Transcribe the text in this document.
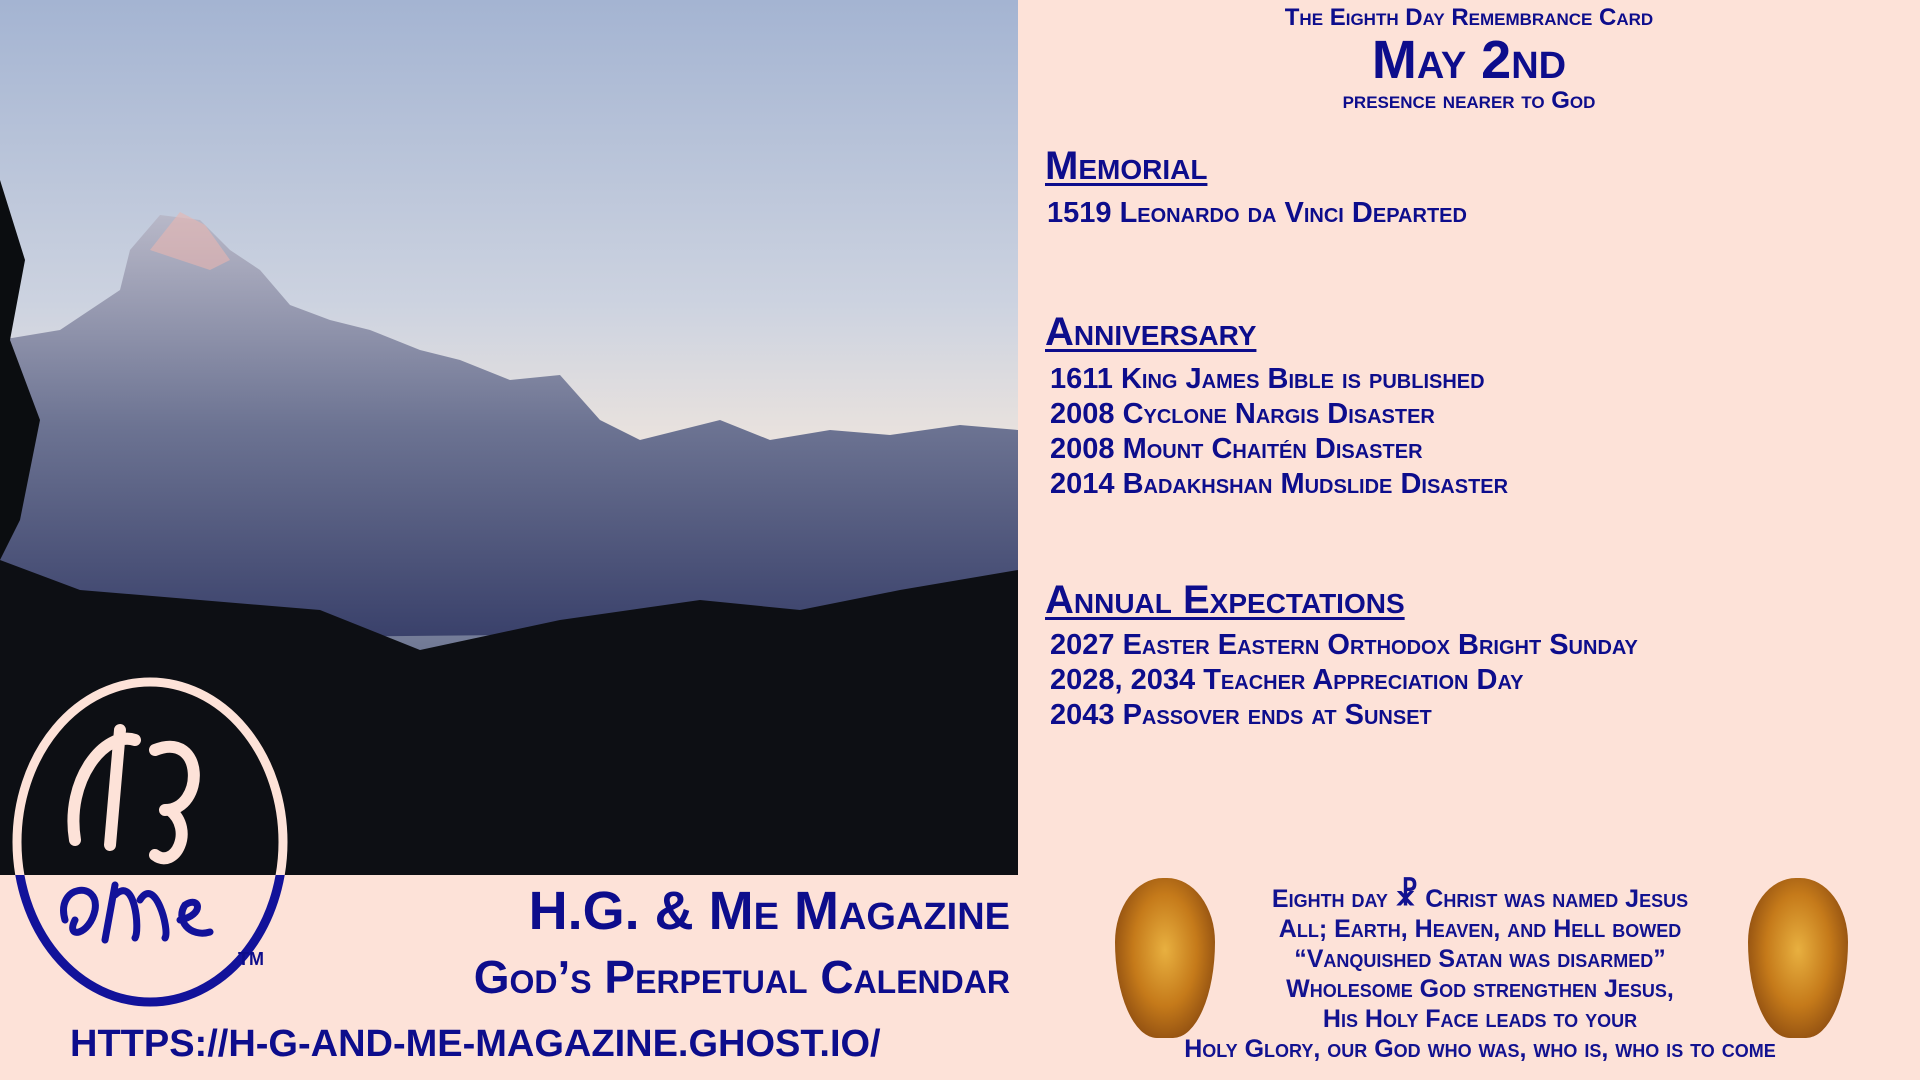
TM
The Eighth Day Remembrance Card
May 2nd
presence nearer to God
Memorial
1519 Leonardo da Vinci Departed
Anniversary
1611 King James Bible is published
2008 Cyclone Nargis Disaster
2008 Mount Chaitén Disaster
2014 Badakhshan Mudslide Disaster
Annual Expectations
2027 Easter Eastern Orthodox Bright Sunday
2028, 2034 Teacher Appreciation Day
2043 Passover ends at Sunset
Eighth day ☧ Christ was named Jesus
All; Earth, Heaven, and Hell bowed
“Vanquished Satan was disarmed”
Wholesome God strengthen Jesus,
His Holy Face leads to your
Holy Glory, our God who was, who is, who is to come
H.G. & Me Magazine
God’s Perpetual Calendar
HTTPS://H-G-AND-ME-MAGAZINE.GHOST.IO/
